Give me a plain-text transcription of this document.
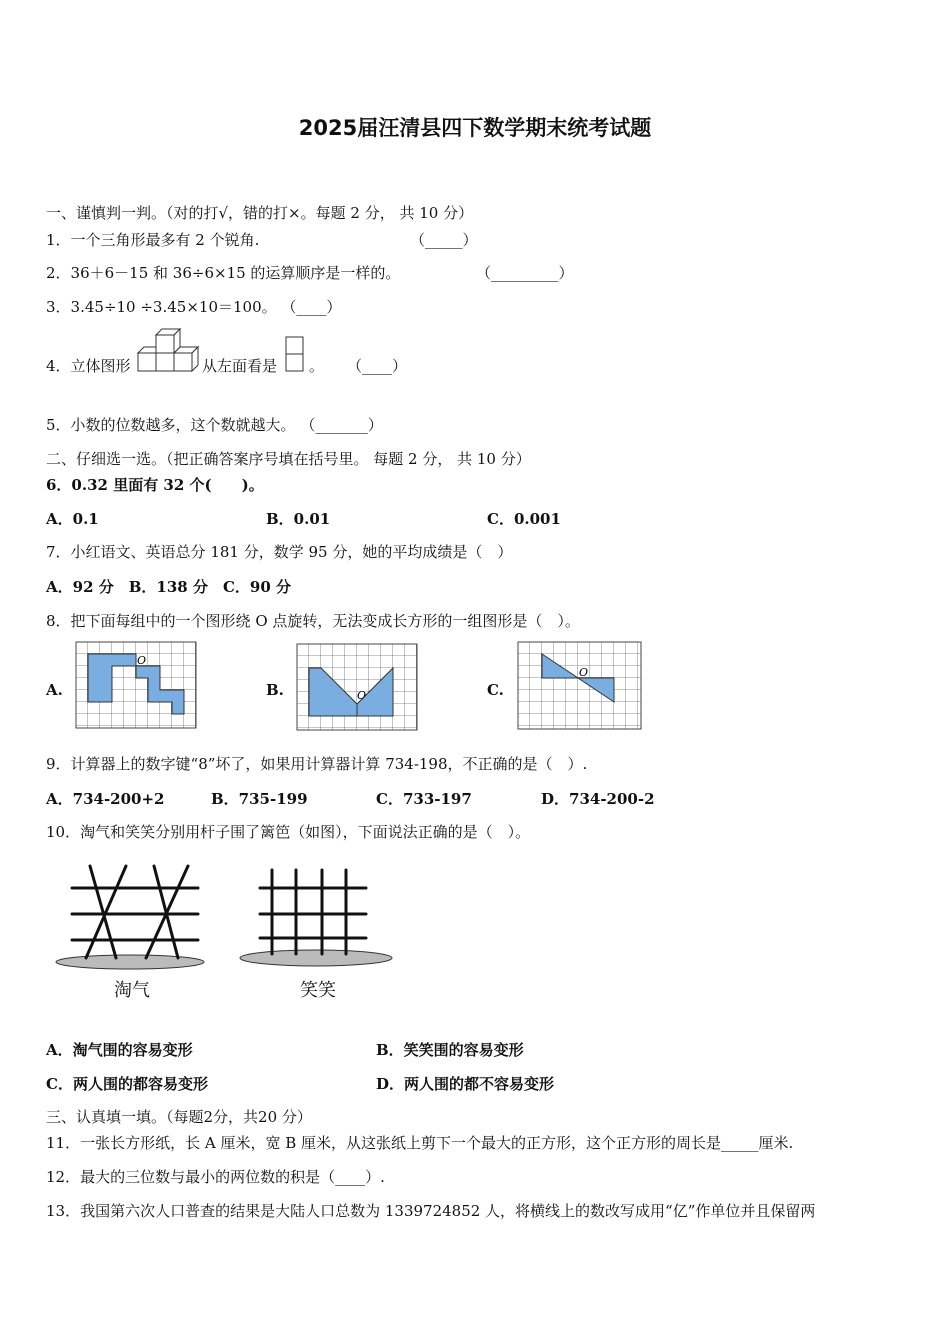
2025届汪清县四下数学期末统考试题
一、谨慎判一判。（对的打√，错的打×。每题 2 分， 共 10 分）
1．一个三角形最多有 2 个锐角.	（_____）
2．36＋6－15 和 36÷6×15 的运算顺序是一样的。	（_________）
3．3.45÷10 ÷3.45×10＝100。 （____）
4．立体图形	从左面看是 。 （____）
5．小数的位数越多，这个数就越大。 （_______）
二、仔细选一选。（把正确答案序号填在括号里。 每题 2 分， 共 10 分）
6．0.32 里面有 32 个(　　)。
A．0.1	B．0.01	C．0.001
7．小红语文、英语总分 181 分，数学 95 分，她的平均成绩是（　）
A．92 分　B．138 分　C．90 分
8．把下面每组中的一个图形绕 O 点旋转，无法变成长方形的一组图形是（　）。
A.
O
B.	O	C.
O
9．计算器上的数字键“8”坏了，如果用计算器计算 734-198，不正确的是（　）.
A．734-200+2	B．735-199	C．733-197	D．734-200-2
10．淘气和笑笑分别用杆子围了篱笆（如图），下面说法正确的是（　）。
淘气	笑笑
A．淘气围的容易变形	B．笑笑围的容易变形
C．两人围的都容易变形	D．两人围的都不容易变形
三、认真填一填。（每题2分，共20 分）
11．一张长方形纸，长 A 厘米，宽 B 厘米，从这张纸上剪下一个最大的正方形，这个正方形的周长是_____厘米.
12．最大的三位数与最小的两位数的积是（____）.
13．我国第六次人口普查的结果是大陆人口总数为 1339724852 人，将横线上的数改写成用“亿”作单位并且保留两
